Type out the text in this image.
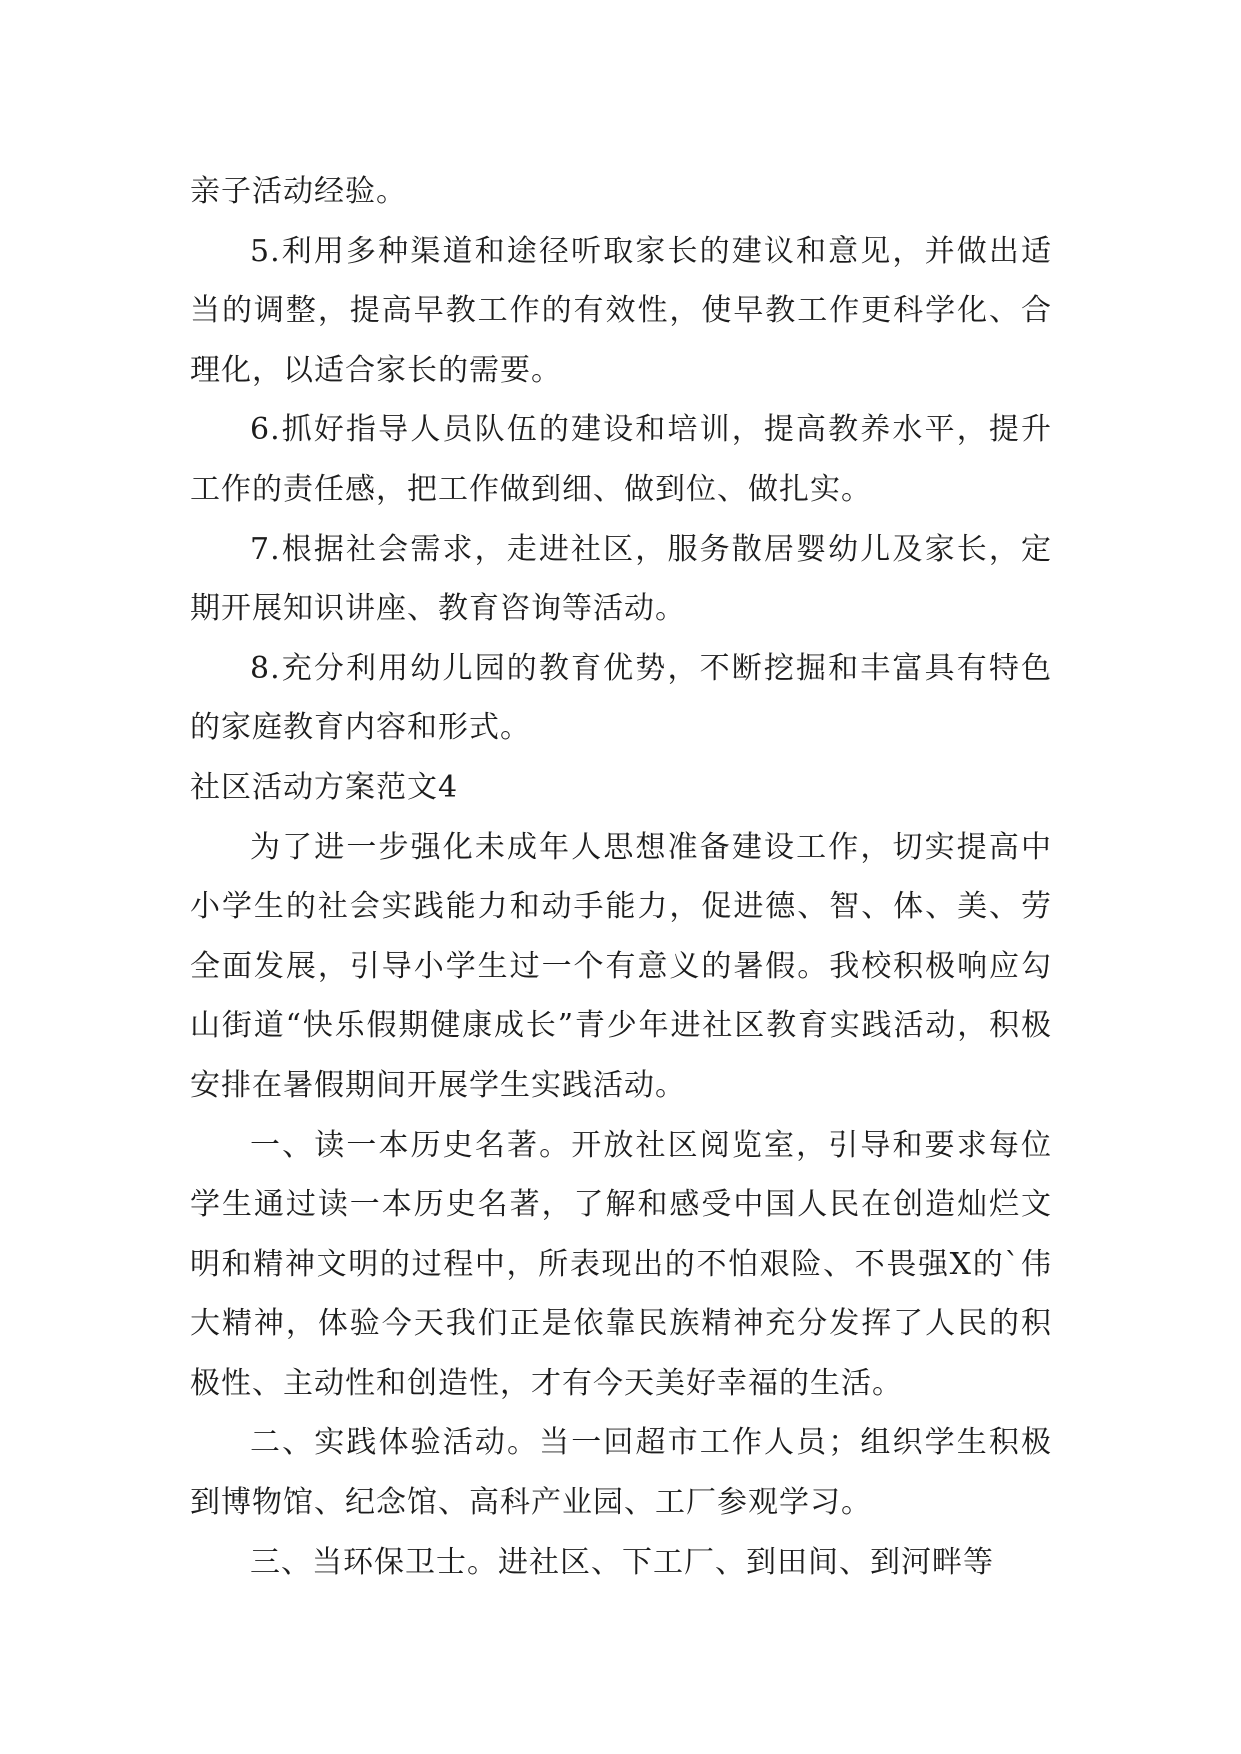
亲子活动经验。

5.利用多种渠道和途径听取家长的建议和意见，并做出适当的调整，提高早教工作的有效性，使早教工作更科学化、合理化，以适合家长的需要。

6.抓好指导人员队伍的建设和培训，提高教养水平，提升工作的责任感，把工作做到细、做到位、做扎实。

7.根据社会需求，走进社区，服务散居婴幼儿及家长，定期开展知识讲座、教育咨询等活动。

8.充分利用幼儿园的教育优势，不断挖掘和丰富具有特色的家庭教育内容和形式。

社区活动方案范文4

为了进一步强化未成年人思想准备建设工作，切实提高中小学生的社会实践能力和动手能力，促进德、智、体、美、劳全面发展，引导小学生过一个有意义的暑假。我校积极响应勾山街道“快乐假期健康成长”青少年进社区教育实践活动，积极安排在暑假期间开展学生实践活动。

一、读一本历史名著。开放社区阅览室，引导和要求每位学生通过读一本历史名著，了解和感受中国人民在创造灿烂文明和精神文明的过程中，所表现出的不怕艰险、不畏强X的`伟大精神，体验今天我们正是依靠民族精神充分发挥了人民的积极性、主动性和创造性，才有今天美好幸福的生活。

二、实践体验活动。当一回超市工作人员；组织学生积极到博物馆、纪念馆、高科产业园、工厂参观学习。

三、当环保卫士。进社区、下工厂、到田间、到河畔等
